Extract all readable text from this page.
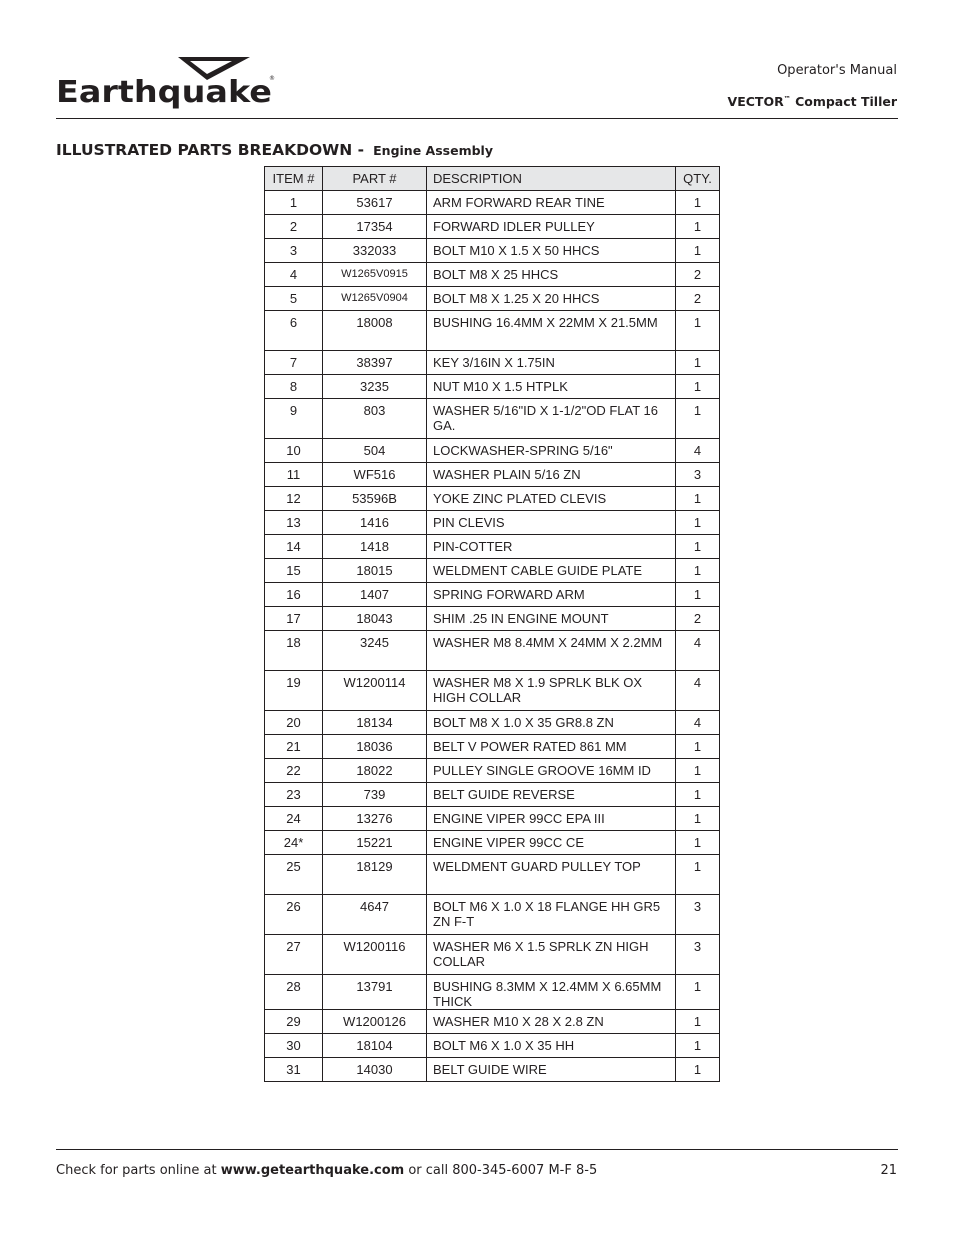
Earthquake
®
Operator's Manual
VECTOR™ Compact Tiller
ILLUSTRATED PARTS BREAKDOWN - Engine Assembly
ITEM #	PART #	DESCRIPTION	QTY.
1	53617	ARM FORWARD REAR TINE	1
2	17354	FORWARD IDLER PULLEY	1
3	332033	BOLT M10 X 1.5 X 50 HHCS	1
4	W1265V0915	BOLT M8 X 25 HHCS	2
5	W1265V0904	BOLT M8 X 1.25 X 20 HHCS	2
6	18008	BUSHING 16.4MM X 22MM X 21.5MM	1
7	38397	KEY 3/16IN X 1.75IN	1
8	3235	NUT M10 X 1.5 HTPLK	1
9	803	WASHER 5/16"ID X 1-1/2"OD FLAT 16 GA.	1
10	504	LOCKWASHER-SPRING 5/16"	4
11	WF516	WASHER PLAIN 5/16 ZN	3
12	53596B	YOKE ZINC PLATED CLEVIS	1
13	1416	PIN CLEVIS	1
14	1418	PIN-COTTER	1
15	18015	WELDMENT CABLE GUIDE PLATE	1
16	1407	SPRING FORWARD ARM	1
17	18043	SHIM .25 IN ENGINE MOUNT	2
18	3245	WASHER M8 8.4MM X 24MM X 2.2MM	4
19	W1200114	WASHER M8 X 1.9 SPRLK BLK OX HIGH COLLAR	4
20	18134	BOLT M8 X 1.0 X 35 GR8.8 ZN	4
21	18036	BELT V POWER RATED 861 MM	1
22	18022	PULLEY SINGLE GROOVE 16MM ID	1
23	739	BELT GUIDE REVERSE	1
24	13276	ENGINE VIPER 99CC EPA III	1
24*	15221	ENGINE VIPER 99CC CE	1
25	18129	WELDMENT GUARD PULLEY TOP	1
26	4647	BOLT M6 X 1.0 X 18 FLANGE HH GR5 ZN F-T	3
27	W1200116	WASHER M6 X 1.5 SPRLK ZN HIGH COLLAR	3
28	13791	BUSHING 8.3MM X 12.4MM X 6.65MM THICK	1
29	W1200126	WASHER M10 X 28 X 2.8 ZN	1
30	18104	BOLT M6 X 1.0 X 35 HH	1
31	14030	BELT GUIDE WIRE	1
Check for parts online at www.getearthquake.com or call 800-345-6007 M-F 8-5	21
